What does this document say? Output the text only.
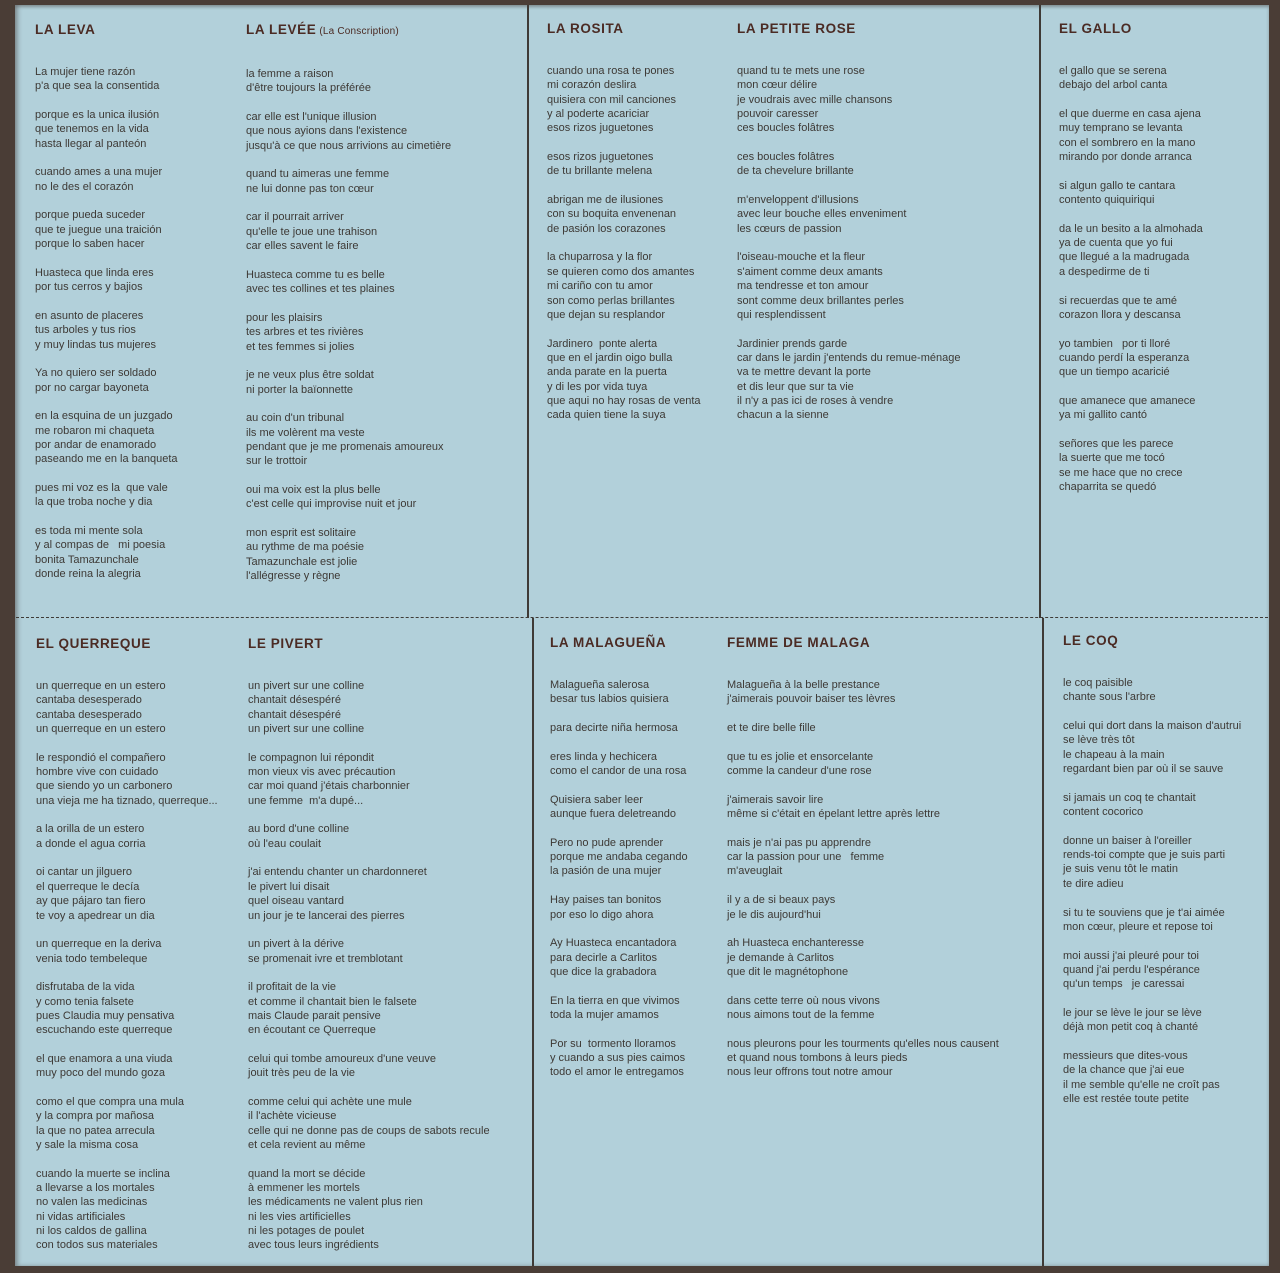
LA LEVA
La mujer tiene razón
p'a que sea la consentida
porque es la unica ilusión
que tenemos en la vida
hasta llegar al panteón
cuando ames a una mujer
no le des el corazón
porque pueda suceder
que te juegue una traición
porque lo saben hacer
Huasteca que linda eres
por tus cerros y bajios
en asunto de placeres
tus arboles y tus rios
y muy lindas tus mujeres
Ya no quiero ser soldado
por no cargar bayoneta
en la esquina de un juzgado
me robaron mi chaqueta
por andar de enamorado
paseando me en la banqueta
pues mi voz es la  que vale
la que troba noche y dia
es toda mi mente sola
y al compas de   mi poesia
bonita Tamazunchale
donde reina la alegria
LA LEVÉE (La Conscription)
la femme a raison
d'être toujours la préférée
car elle est l'unique illusion
que nous ayions dans l'existence
jusqu'à ce que nous arrivions au cimetière
quand tu aimeras une femme
ne lui donne pas ton cœur
car il pourrait arriver
qu'elle te joue une trahison
car elles savent le faire
Huasteca comme tu es belle
avec tes collines et tes plaines
pour les plaisirs
tes arbres et tes rivières
et tes femmes si jolies
je ne veux plus être soldat
ni porter la baïonnette
au coin d'un tribunal
ils me volèrent ma veste
pendant que je me promenais amoureux
sur le trottoir
oui ma voix est la plus belle
c'est celle qui improvise nuit et jour
mon esprit est solitaire
au rythme de ma poésie
Tamazunchale est jolie
l'allégresse y règne
LA ROSITA
cuando una rosa te pones
mi corazón deslira
quisiera con mil canciones
y al poderte acariciar
esos rizos juguetones
esos rizos juguetones
de tu brillante melena
abrigan me de ilusiones
con su boquita envenenan
de pasión los corazones
la chuparrosa y la flor
se quieren como dos amantes
mi cariño con tu amor
son como perlas brillantes
que dejan su resplandor
Jardinero  ponte alerta
que en el jardin oigo bulla
anda parate en la puerta
y di les por vida tuya
que aqui no hay rosas de venta
cada quien tiene la suya
LA PETITE ROSE
quand tu te mets une rose
mon cœur délire
je voudrais avec mille chansons
pouvoir caresser
ces boucles folâtres
ces boucles folâtres
de ta chevelure brillante
m'enveloppent d'illusions
avec leur bouche elles enveniment
les cœurs de passion
l'oiseau-mouche et la fleur
s'aiment comme deux amants
ma tendresse et ton amour
sont comme deux brillantes perles
qui resplendissent
Jardinier prends garde
car dans le jardin j'entends du remue-ménage
va te mettre devant la porte
et dis leur que sur ta vie
il n'y a pas ici de roses à vendre
chacun a la sienne
EL GALLO
el gallo que se serena
debajo del arbol canta
el que duerme en casa ajena
muy temprano se levanta
con el sombrero en la mano
mirando por donde arranca
si algun gallo te cantara
contento quiquiriqui
da le un besito a la almohada
ya de cuenta que yo fui
que llegué a la madrugada
a despedirme de ti
si recuerdas que te amé
corazon llora y descansa
yo tambien   por ti lloré
cuando perdí la esperanza
que un tiempo acaricié
que amanece que amanece
ya mi gallito cantó
señores que les parece
la suerte que me tocó
se me hace que no crece
chaparrita se quedó
EL QUERREQUE
un querreque en un estero
cantaba desesperado
cantaba desesperado
un querreque en un estero
le respondió el compañero
hombre vive con cuidado
que siendo yo un carbonero
una vieja me ha tiznado, querreque...
a la orilla de un estero
a donde el agua corria
oi cantar un jilguero
el querreque le decía
ay que pájaro tan fiero
te voy a apedrear un dia
un querreque en la deriva
venia todo tembeleque
disfrutaba de la vida
y como tenia falsete
pues Claudia muy pensativa
escuchando este querreque
el que enamora a una viuda
muy poco del mundo goza
como el que compra una mula
y la compra por mañosa
la que no patea arrecula
y sale la misma cosa
cuando la muerte se inclina
a llevarse a los mortales
no valen las medicinas
ni vidas artificiales
ni los caldos de gallina
con todos sus materiales
LE PIVERT
un pivert sur une colline
chantait désespéré
chantait désespéré
un pivert sur une colline
le compagnon lui répondit
mon vieux vis avec précaution
car moi quand j'étais charbonnier
une femme  m'a dupé...
au bord d'une colline
où l'eau coulait
j'ai entendu chanter un chardonneret
le pivert lui disait
quel oiseau vantard
un jour je te lancerai des pierres
un pivert à la dérive
se promenait ivre et tremblotant
il profitait de la vie
et comme il chantait bien le falsete
mais Claude parait pensive
en écoutant ce Querreque
celui qui tombe amoureux d'une veuve
jouit très peu de la vie
comme celui qui achète une mule
il l'achète vicieuse
celle qui ne donne pas de coups de sabots recule
et cela revient au même
quand la mort se décide
à emmener les mortels
les médicaments ne valent plus rien
ni les vies artificielles
ni les potages de poulet
avec tous leurs ingrédients
LA MALAGUEÑA
Malagueña salerosa
besar tus labios quisiera
para decirte niña hermosa
eres linda y hechicera
como el candor de una rosa
Quisiera saber leer
aunque fuera deletreando
Pero no pude aprender
porque me andaba cegando
la pasión de una mujer
Hay paises tan bonitos
por eso lo digo ahora
Ay Huasteca encantadora
para decirle a Carlitos
que dice la grabadora
En la tierra en que vivimos
toda la mujer amamos
Por su  tormento lloramos
y cuando a sus pies caimos
todo el amor le entregamos
FEMME DE MALAGA
Malagueña à la belle prestance
j'aimerais pouvoir baiser tes lèvres
et te dire belle fille
que tu es jolie et ensorcelante
comme la candeur d'une rose
j'aimerais savoir lire
même si c'était en épelant lettre après lettre
mais je n'ai pas pu apprendre
car la passion pour une   femme
m'aveuglait
il y a de si beaux pays
je le dis aujourd'hui
ah Huasteca enchanteresse
je demande à Carlitos
que dit le magnétophone
dans cette terre où nous vivons
nous aimons tout de la femme
nous pleurons pour les tourments qu'elles nous causent
et quand nous tombons à leurs pieds
nous leur offrons tout notre amour
LE COQ
le coq paisible
chante sous l'arbre
celui qui dort dans la maison d'autrui
se lève très tôt
le chapeau à la main
regardant bien par où il se sauve
si jamais un coq te chantait
content cocorico
donne un baiser à l'oreiller
rends-toi compte que je suis parti
je suis venu tôt le matin
te dire adieu
si tu te souviens que je t'ai aimée
mon cœur, pleure et repose toi
moi aussi j'ai pleuré pour toi
quand j'ai perdu l'espérance
qu'un temps   je caressai
le jour se lève le jour se lève
déjà mon petit coq à chanté
messieurs que dites-vous
de la chance que j'ai eue
il me semble qu'elle ne croît pas
elle est restée toute petite
